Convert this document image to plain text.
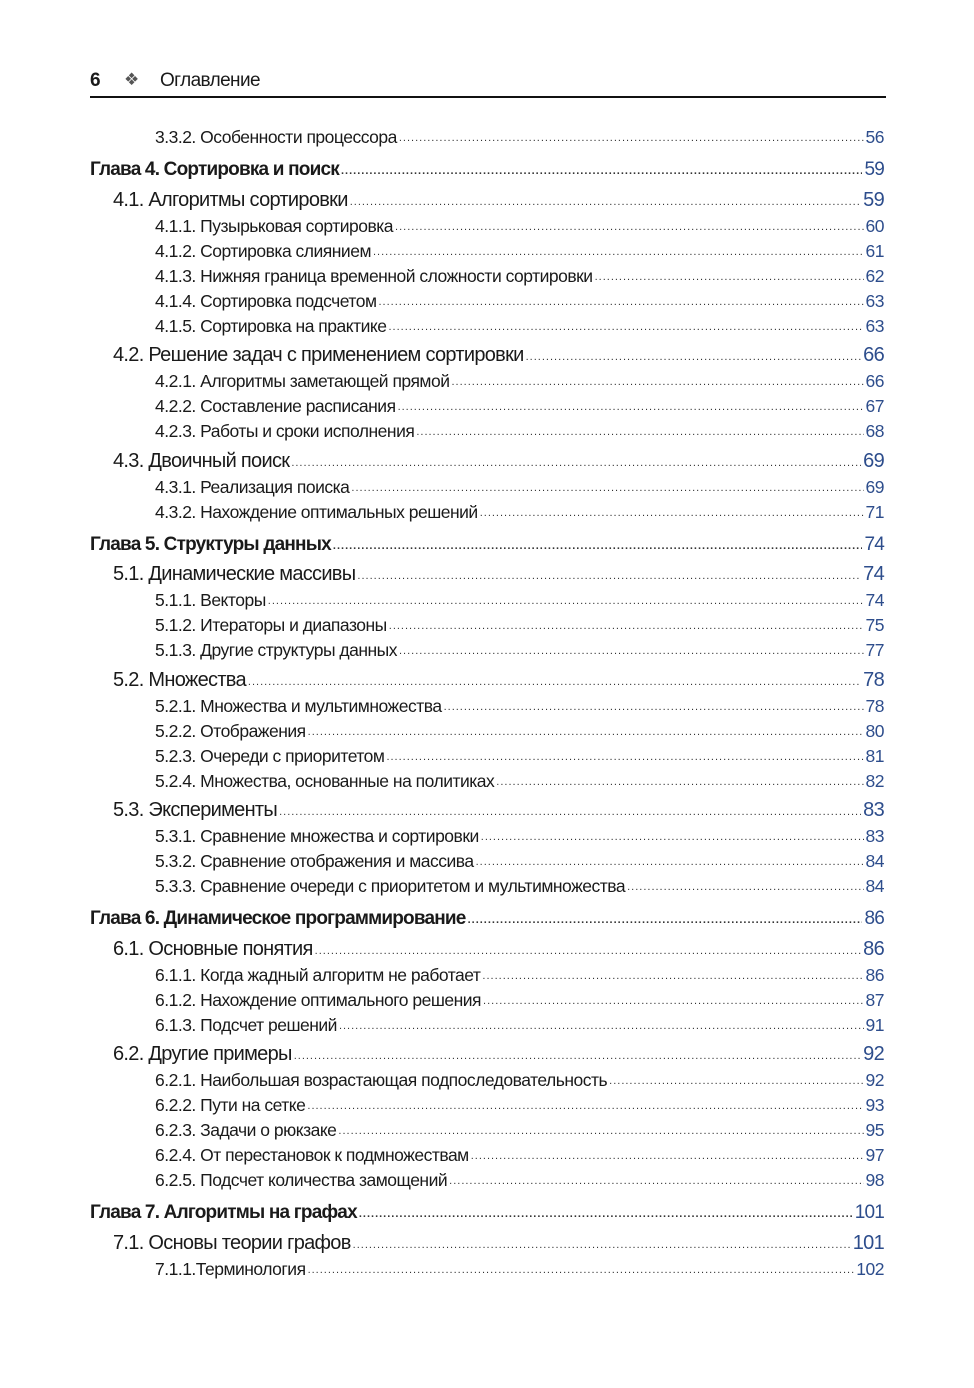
6 ❖ Оглавление
3.3.2. Особенности процессора .....	56
Глава 4. Сортировка и поиск .....	59
4.1. Алгоритмы сортировки .....	59
4.1.1. Пузырьковая сортировка .....	60
4.1.2. Сортировка слиянием .....	61
4.1.3. Нижняя граница временной сложности сортировки .....	62
4.1.4. Сортировка подсчетом .....	63
4.1.5. Сортировка на практике .....	63
4.2. Решение задач с применением сортировки .....	66
4.2.1. Алгоритмы заметающей прямой .....	66
4.2.2. Составление расписания .....	67
4.2.3. Работы и сроки исполнения .....	68
4.3. Двоичный поиск .....	69
4.3.1. Реализация поиска .....	69
4.3.2. Нахождение оптимальных решений .....	71
Глава 5. Структуры данных .....	74
5.1. Динамические массивы .....	74
5.1.1. Векторы .....	74
5.1.2. Итераторы и диапазоны .....	75
5.1.3. Другие структуры данных .....	77
5.2. Множества .....	78
5.2.1. Множества и мультимножества .....	78
5.2.2. Отображения .....	80
5.2.3. Очереди с приоритетом .....	81
5.2.4. Множества, основанные на политиках .....	82
5.3. Эксперименты .....	83
5.3.1. Сравнение множества и сортировки .....	83
5.3.2. Сравнение отображения и массива .....	84
5.3.3. Сравнение очереди с приоритетом и мультимножества .....	84
Глава 6. Динамическое программирование .....	86
6.1. Основные понятия .....	86
6.1.1. Когда жадный алгоритм не работает .....	86
6.1.2. Нахождение оптимального решения .....	87
6.1.3. Подсчет решений .....	91
6.2. Другие примеры .....	92
6.2.1. Наибольшая возрастающая подпоследовательность .....	92
6.2.2. Пути на сетке .....	93
6.2.3. Задачи о рюкзаке .....	95
6.2.4. От перестановок к подмножествам .....	97
6.2.5. Подсчет количества замощений .....	98
Глава 7. Алгоритмы на графах .....	101
7.1. Основы теории графов .....	101
7.1.1.Терминология .....	102
